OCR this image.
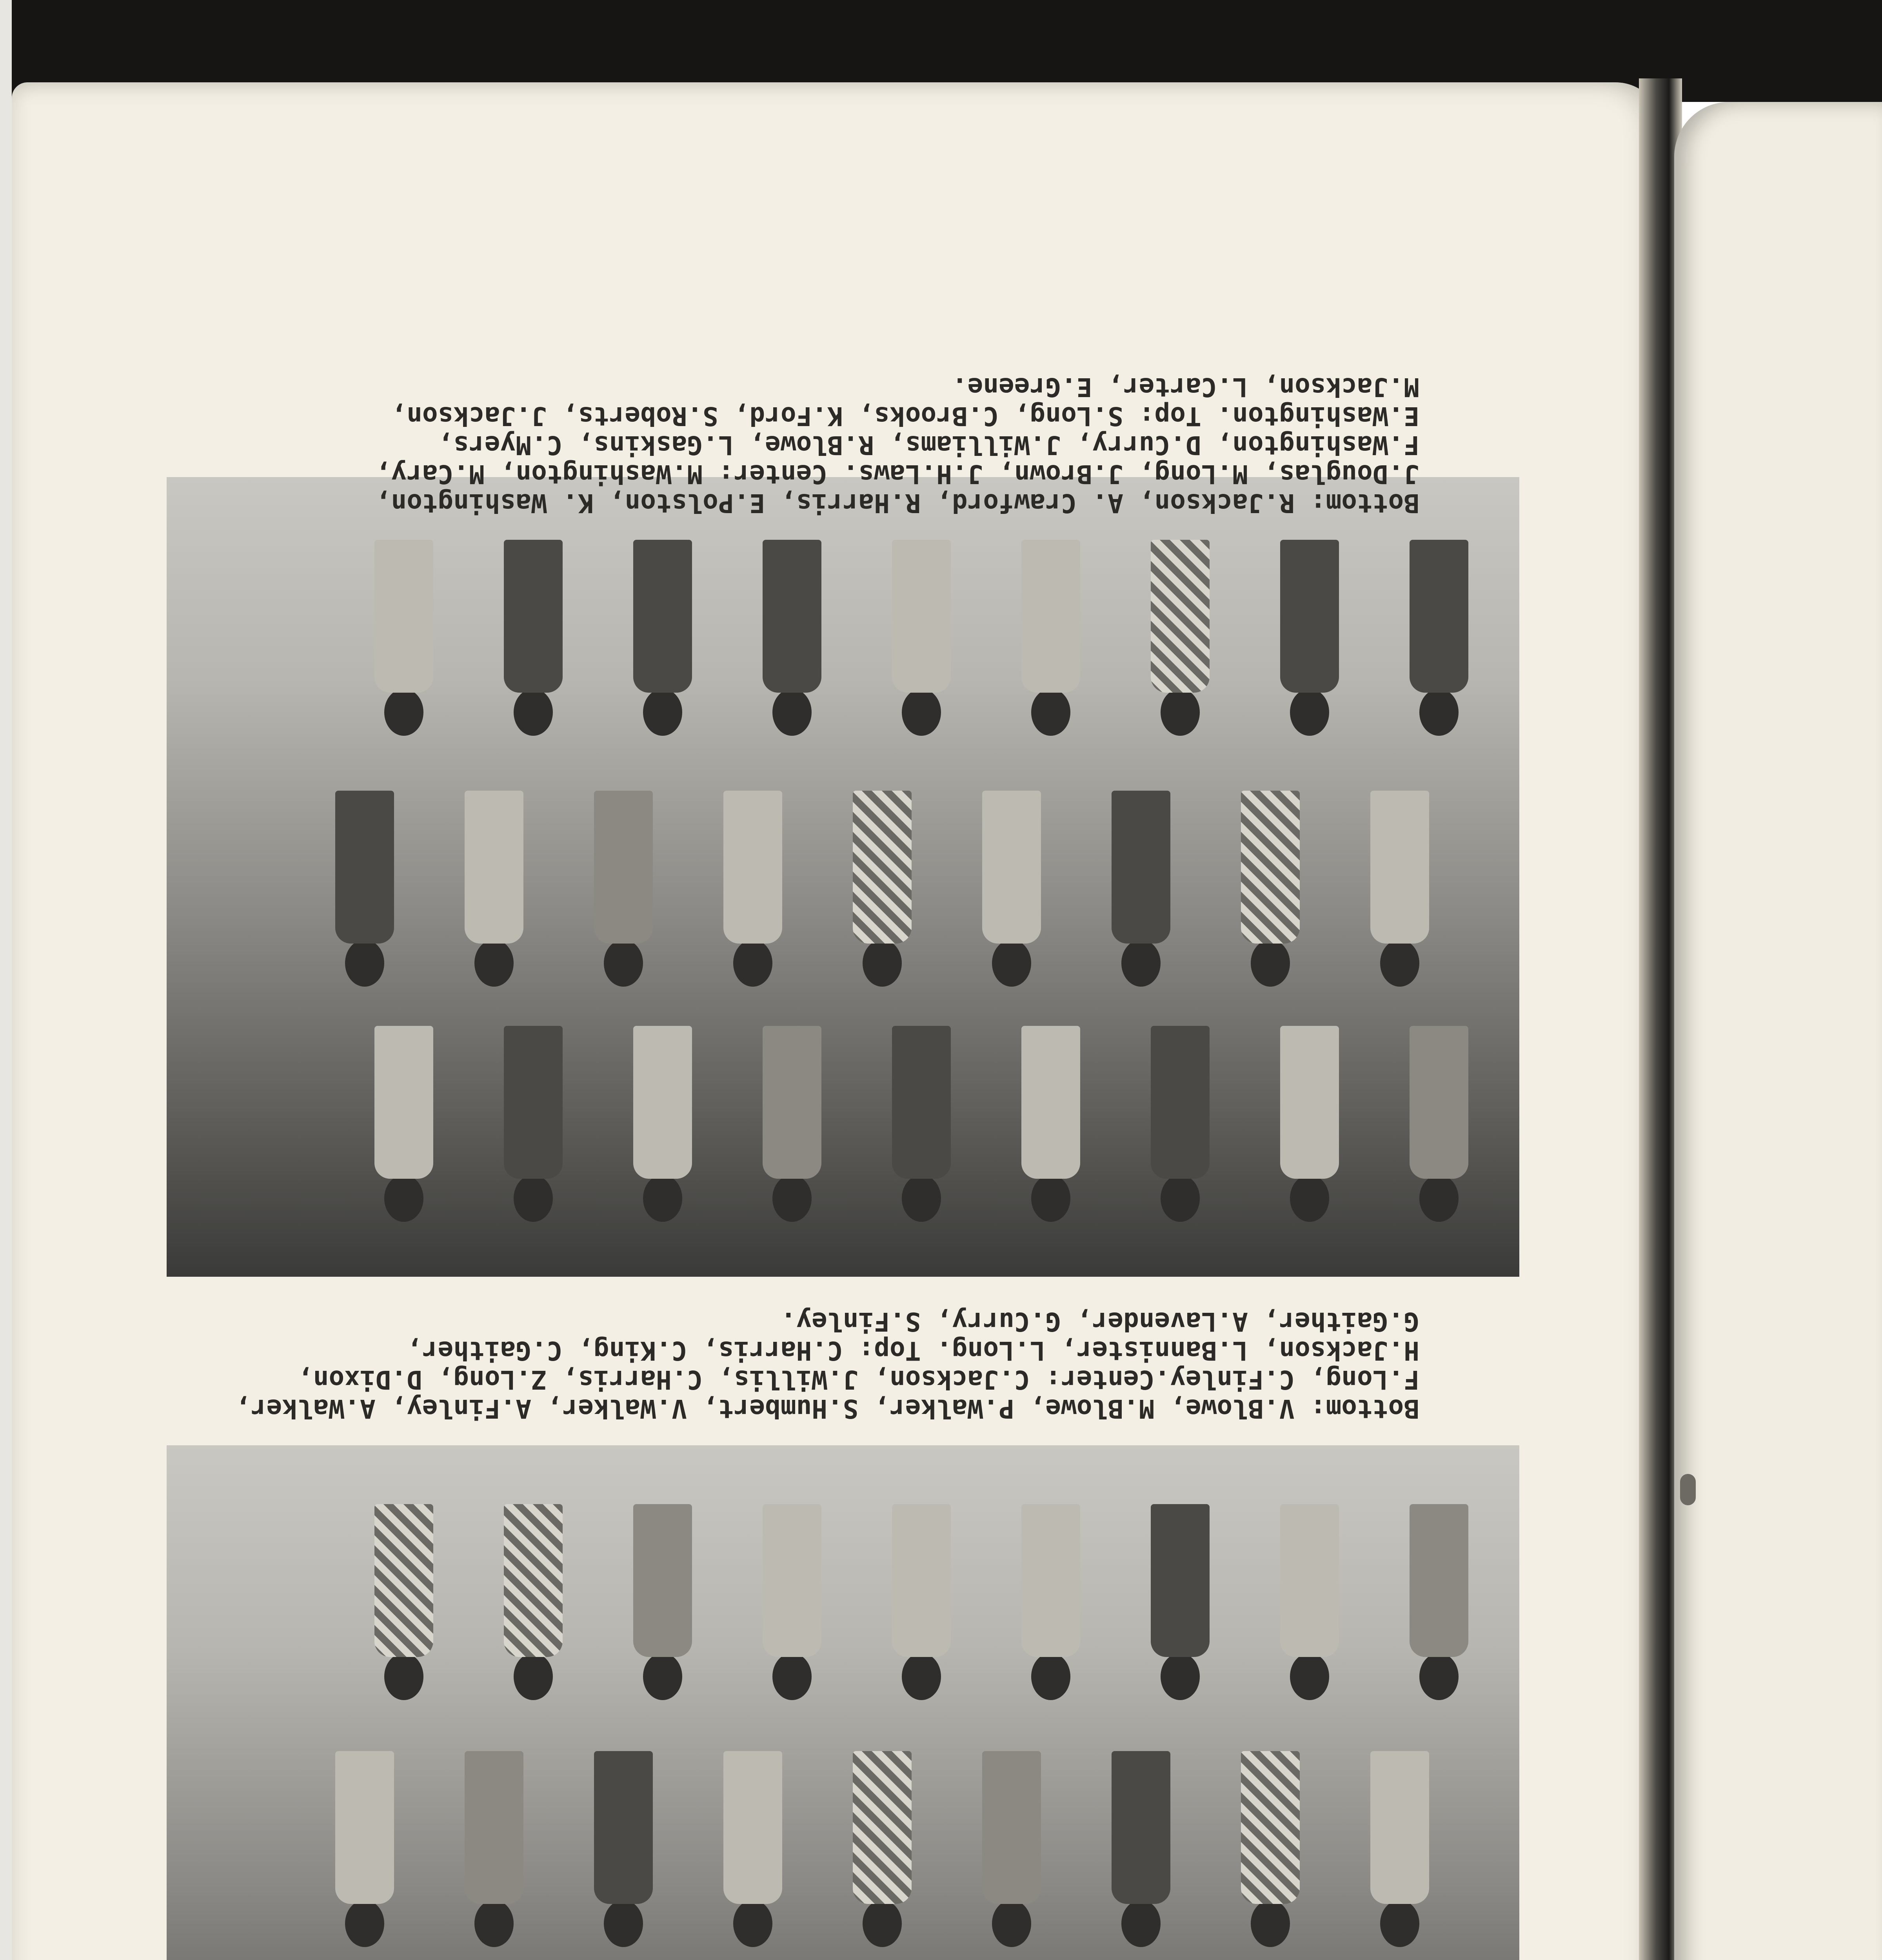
Bottom: V.Blowe, M.Blowe, P.Walker, S.Humbert, V.Walker, A.Finley, A.Walker,
F.Long, C.Finley.Center: C.Jackson, J.Willis, C.Harris, Z.Long, D.Dixon,
H.Jackson, L.Bannister, L.Long. Top: C.Harris, C.King, C.Gaither,
G.Gaither, A.Lavender, G.Curry, S.Finley.
Bottom: R.Jackson, A. Crawford, R.Harris, E.Polston, K. Washington,
J.Douglas, M.Long, J.Brown, J.H.Laws. Center: M.Washington, M.Cary,
F.Washington, D.Curry, J.Williams, R.Blowe, L.Gaskins, C.Myers,
E.Washington. Top: S.Long, C.Brooks, K.Ford, S.Roberts, J.Jackson,
M.Jackson, L.Carter, E.Greene.
